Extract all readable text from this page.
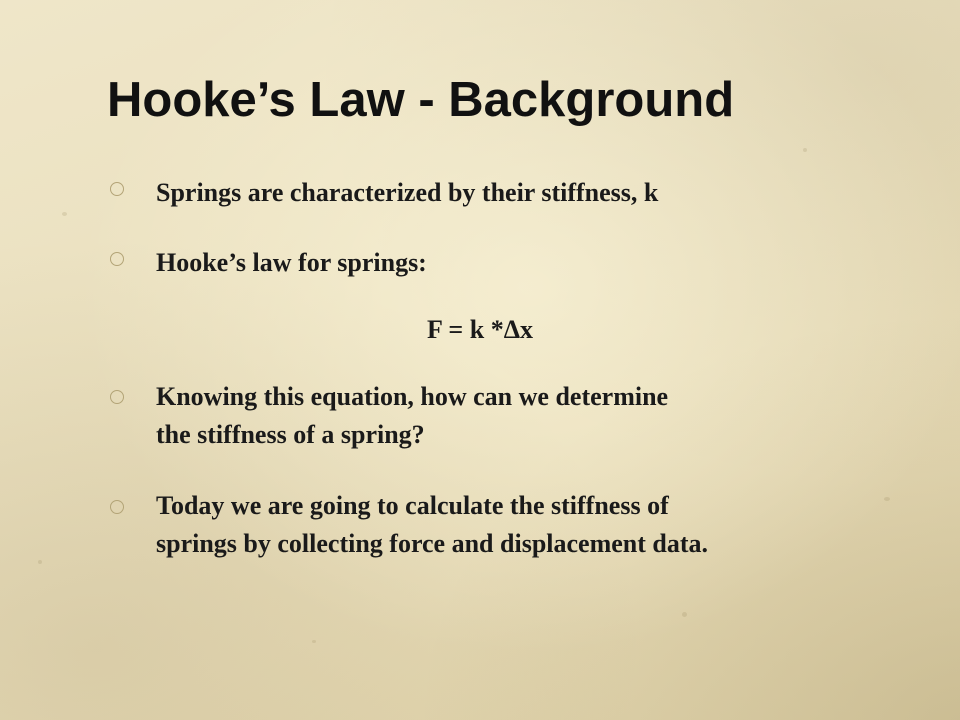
Hooke’s Law - Background

Springs are characterized by their stiffness, k

Hooke’s law for springs:

F = k *Δx

Knowing this equation, how can we determine
the stiffness of a spring?

Today we are going to calculate the stiffness of
springs by collecting force and displacement data.
